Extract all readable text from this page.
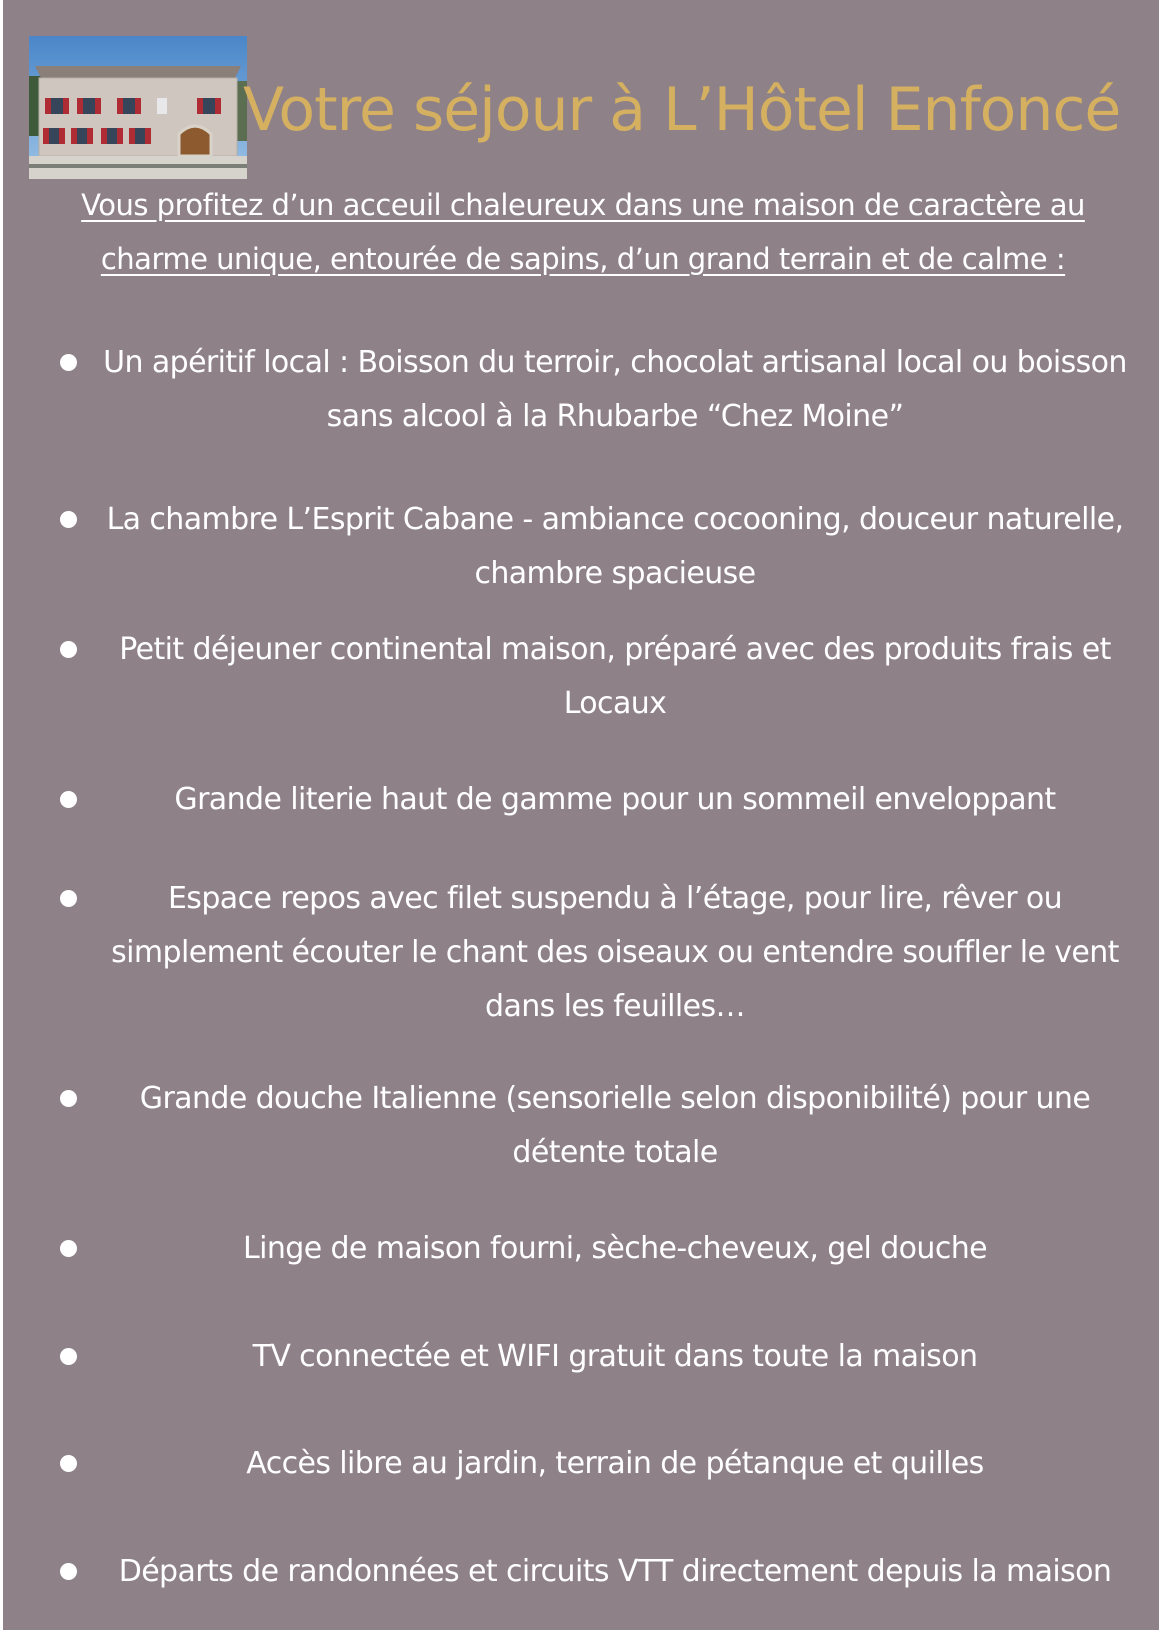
Votre séjour à L’Hôtel Enfoncé
Vous profitez d’un acceuil chaleureux dans une maison de caractère au charme unique, entourée de sapins, d’un grand terrain et de calme :
Un apéritif local : Boisson du terroir, chocolat artisanal local ou boisson sans alcool à la Rhubarbe “Chez Moine”
La chambre L’Esprit Cabane - ambiance cocooning, douceur naturelle, chambre spacieuse
Petit déjeuner continental maison, préparé avec des produits frais et Locaux
Grande literie haut de gamme pour un sommeil enveloppant
Espace repos avec filet suspendu à l’étage, pour lire, rêver ou simplement écouter le chant des oiseaux ou entendre souffler le vent dans les feuilles…
Grande douche Italienne (sensorielle selon disponibilité) pour une détente totale
Linge de maison fourni, sèche-cheveux, gel douche
TV connectée et WIFI gratuit dans toute la maison
Accès libre au jardin, terrain de pétanque et quilles
Départs de randonnées et circuits VTT directement depuis la maison
